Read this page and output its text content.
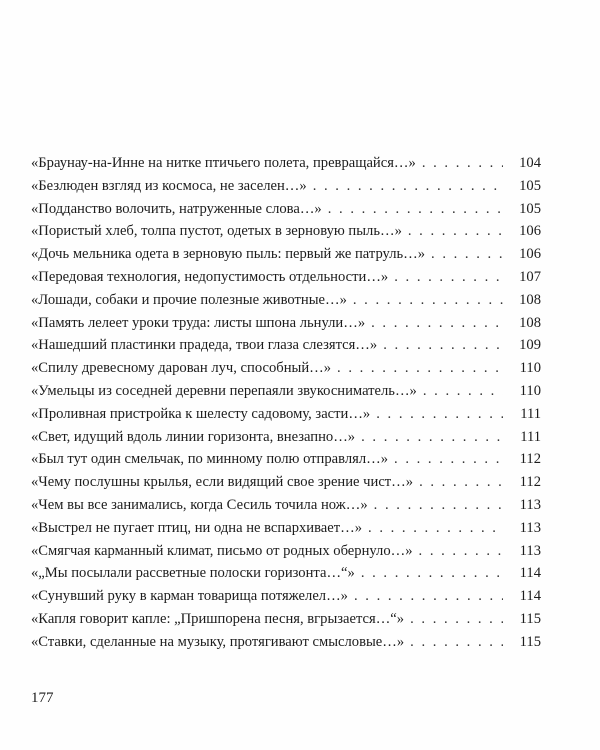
«Браунау-на-Инне на нитке птичьего полета, превращайся…» . . .	104
«Безлюден взгляд из космоса, не заселен…» . . .	105
«Подданство волочить, натруженные слова…» . . .	105
«Пористый хлеб, толпа пустот, одетых в зерновую пыль…» . . .	106
«Дочь мельника одета в зерновую пыль: первый же патруль…» . . .	106
«Передовая технология, недопустимость отдельности…» . . .	107
«Лошади, собаки и прочие полезные животные…» . . .	108
«Память лелеет уроки труда: листы шпона льнули…» . . .	108
«Нашедший пластинки прадеда, твои глаза слезятся…» . . .	109
«Спилу древесному дарован луч, способный…» . . .	110
«Умельцы из соседней деревни перепаяли звукосниматель…» . . .	110
«Проливная пристройка к шелесту садовому, засти…» . . .	111
«Свет, идущий вдоль линии горизонта, внезапно…» . . .	111
«Был тут один смельчак, по минному полю отправлял…» . . .	112
«Чему послушны крылья, если видящий свое зрение чист…» . . .	112
«Чем вы все занимались, когда Сесиль точила нож…» . . .	113
«Выстрел не пугает птиц, ни одна не вспархивает…» . . .	113
«Смягчая карманный климат, письмо от родных обернуло…» . . .	113
«„Мы посылали рассветные полоски горизонта…“» . . .	114
«Сунувший руку в карман товарища потяжелел…» . . .	114
«Капля говорит капле: „Пришпорена песня, вгрызается…“» . . .	115
«Ставки, сделанные на музыку, протягивают смысловые…» . . .	115
177
